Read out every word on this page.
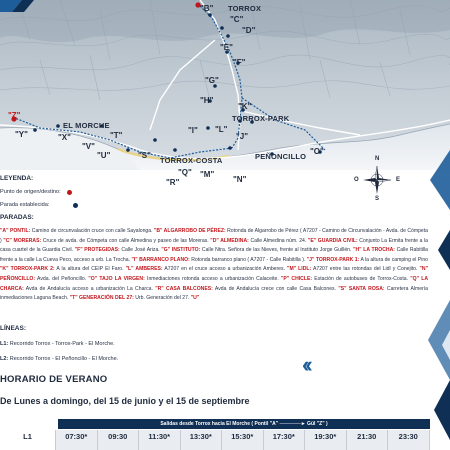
"B" TORROX
"C"
"D"
"E"
"F"
"G"
"H"
"K"
TORROX-PARK
"L"
"I"
"J"
PEÑONCILLO
"O"
TORROX-COSTA
EL MORCHE
"Z"
"Y"	"X"	"T"
"V"
"U"	"S"
"Q"
"R"
"M"
"N"
N
S
O	E
LEYENDA:
Punto de origen/destino:
Parada establecida:
PARADAS:

"A" PONTIL: Camino de circunvalación cruce con calle Sayalonga. "B" ALGARROBO DE PÉREZ: Rotonda de Algarrobo de Pérez ( A7207 - Camino de Circunvalación - Avda. de Cómpeta ) "C" MORERAS: Cruce de avda. de Cómpeta con calle Almedina y paseo de las Moreras. "D" ALMEDINA: Calle Almedina núm. 24. "E" GUARDIA CIVIL: Conjunto La Ermita frente a la casa cuartel de la Guardia Civil. "F" PROTEGIDAS: Calle José Ariza. "G" INSTITUTO: Calle Ntra. Señora de las Nieves, frente al Instituto Jorge Guillén. "H" LA TROCHA: Calle Rabitilla frente a la calle La Cueva Peco, acceso a urb. La Trocha. "I" BARRANCO PLANO: Rotonda barranco plano ( A7207 - Calle Rabitilla ). "J" TORROX-PARK 1: A la altura de camping el Pino "K" TORROX-PARK 2: A la altura del CEIP El Faro. "L" AMBERES: A7207 en el cruce acceso a urbanización Amberes. "M" LIDL: A7207 entre las rotondas del Lidl y Conejito. "N" PEÑONCILLO: Avda. del Peñoncillo. "O" TAJO LA VIRGEN: Inmediaciones rotonda acceso a urbanización Calaceite. "P" CHICLE: Estación de autobuses de Torrox-Costa. "Q" LA CHARCA: Avda de Andalucía acceso a urbanización La Charca. "R" CASA BALCONES: Avda de Andalucía crece con calle Casa Balcones. "S" SANTA ROSA: Carretera Almería inmediaciones Laguna Beach. "T" GENERACIÓN DEL 27: Urb. Generación del 27. "U"

LÍNEAS:
L1: Recorrido Torrox - Torrox-Park - El Morche.
L2: Recorrido Torrox - El Peñoncillo - El Morche.	‹‹
HORARIO DE VERANO
De Lunes a domingo, del 15 de junio y el 15 de septiembre
Salidas desde Torrox hacia El Morche ( Pontil "A" ──────► Gül "Z" )
L1	07:30*	09:30	11:30*	13:30*	15:30*	17:30*	19:30*	21:30	23:30
